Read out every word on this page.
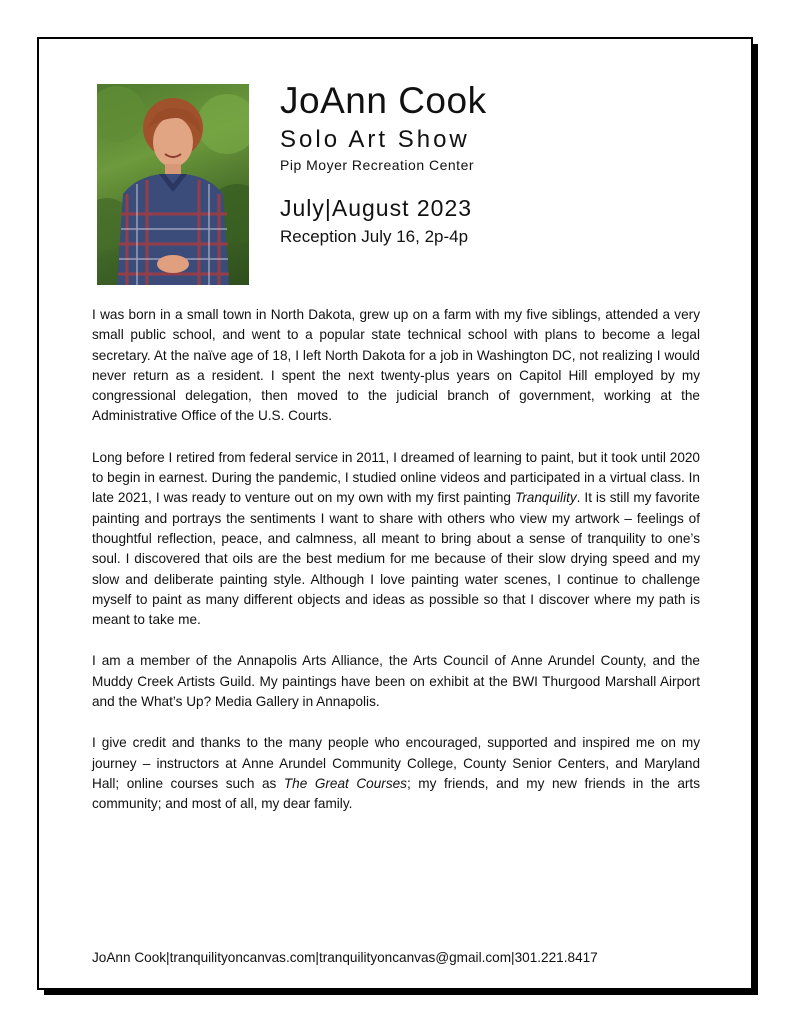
JoAnn Cook
Solo Art Show
Pip Moyer Recreation Center
July|August 2023
Reception July 16, 2p-4p

I was born in a small town in North Dakota, grew up on a farm with my five siblings, attended a very small public school, and went to a popular state technical school with plans to become a legal secretary. At the naïve age of 18, I left North Dakota for a job in Washington DC, not realizing I would never return as a resident. I spent the next twenty-plus years on Capitol Hill employed by my congressional delegation, then moved to the judicial branch of government, working at the Administrative Office of the U.S. Courts.

Long before I retired from federal service in 2011, I dreamed of learning to paint, but it took until 2020 to begin in earnest. During the pandemic, I studied online videos and participated in a virtual class. In late 2021, I was ready to venture out on my own with my first painting Tranquility. It is still my favorite painting and portrays the sentiments I want to share with others who view my artwork – feelings of thoughtful reflection, peace, and calmness, all meant to bring about a sense of tranquility to one’s soul. I discovered that oils are the best medium for me because of their slow drying speed and my slow and deliberate painting style. Although I love painting water scenes, I continue to challenge myself to paint as many different objects and ideas as possible so that I discover where my path is meant to take me.

I am a member of the Annapolis Arts Alliance, the Arts Council of Anne Arundel County, and the Muddy Creek Artists Guild. My paintings have been on exhibit at the BWI Thurgood Marshall Airport and the What’s Up? Media Gallery in Annapolis.

I give credit and thanks to the many people who encouraged, supported and inspired me on my journey – instructors at Anne Arundel Community College, County Senior Centers, and Maryland Hall; online courses such as The Great Courses; my friends, and my new friends in the arts community; and most of all, my dear family.

JoAnn Cook|tranquilityoncanvas.com|tranquilityoncanvas@gmail.com|301.221.8417
